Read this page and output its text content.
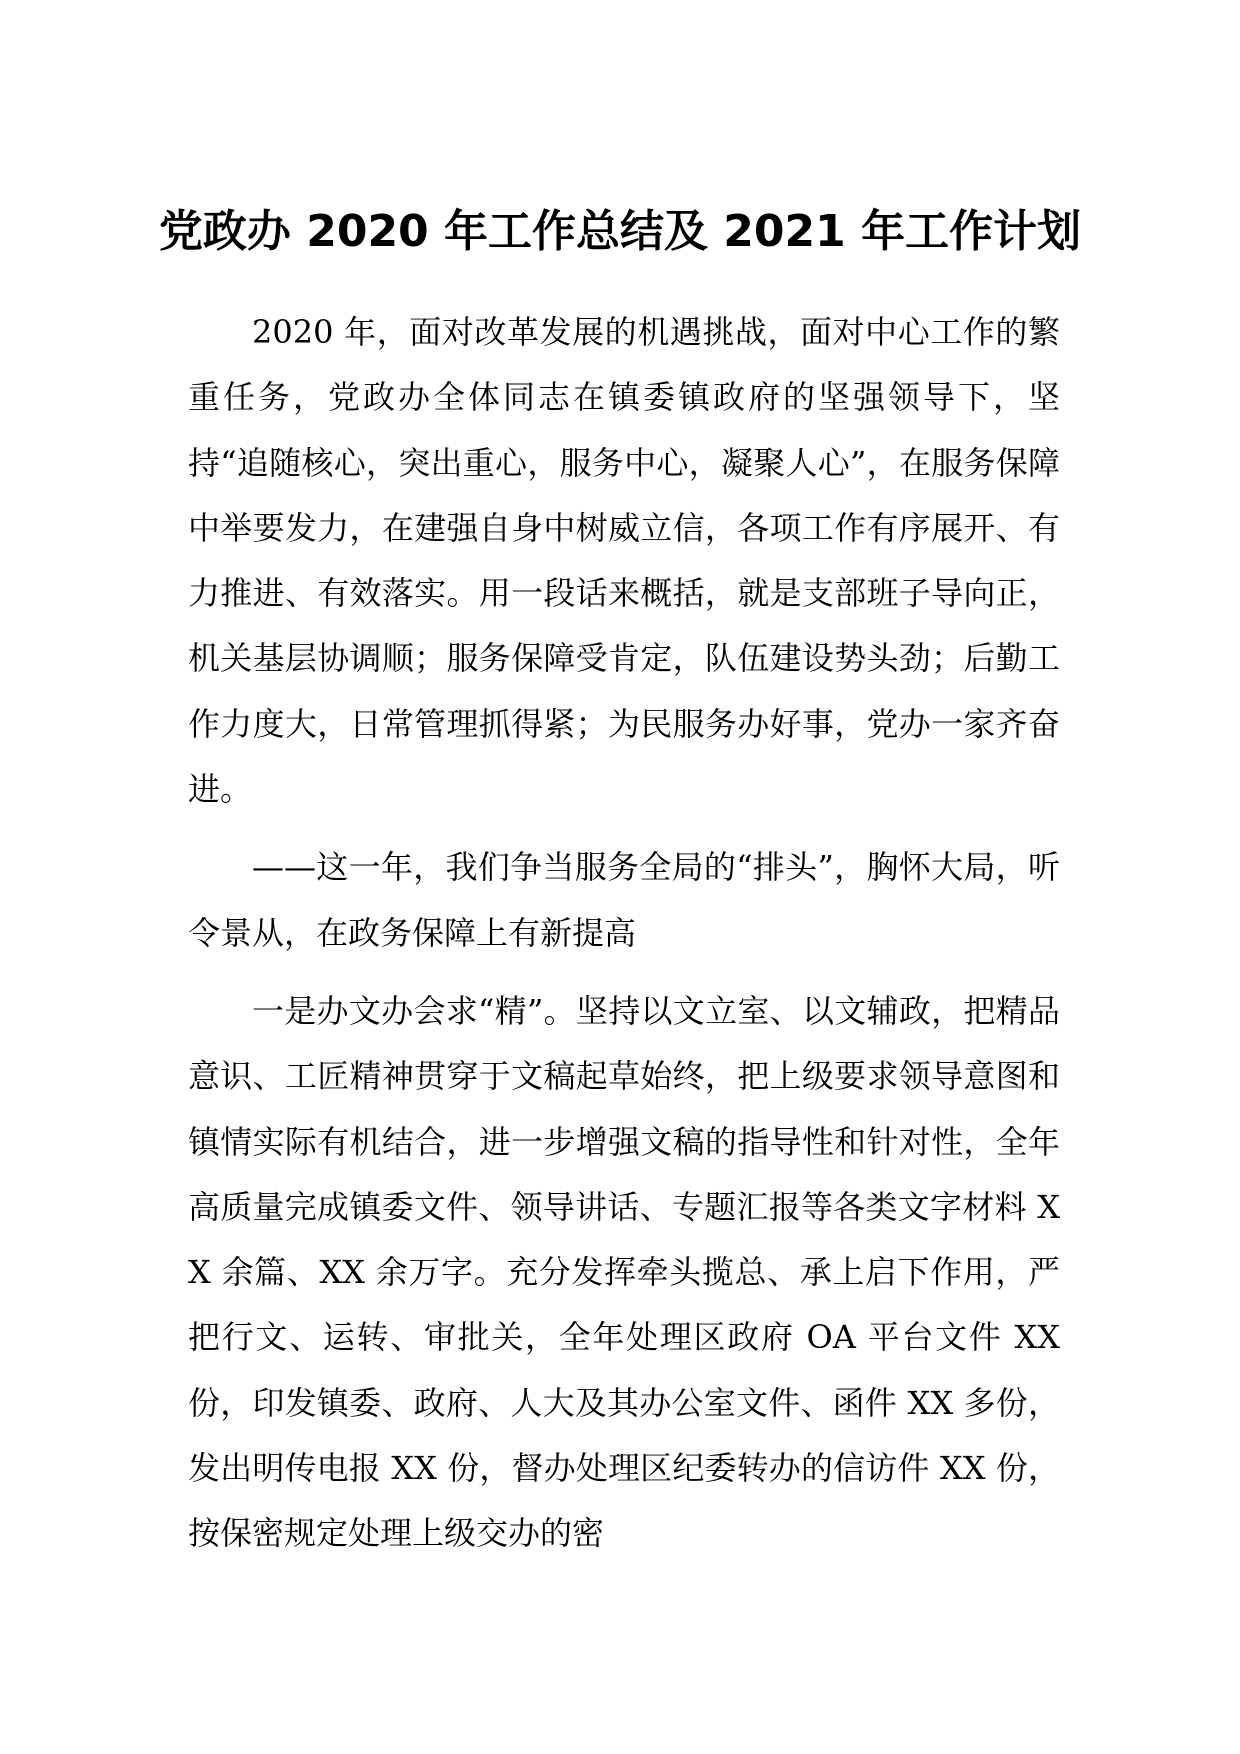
党政办 2020 年工作总结及 2021 年工作计划

2020 年，面对改革发展的机遇挑战，面对中心工作的繁重任务，党政办全体同志在镇委镇政府的坚强领导下，坚持“追随核心，突出重心，服务中心，凝聚人心”，在服务保障中举要发力，在建强自身中树威立信，各项工作有序展开、有力推进、有效落实。用一段话来概括，就是支部班子导向正，机关基层协调顺；服务保障受肯定，队伍建设势头劲；后勤工作力度大，日常管理抓得紧；为民服务办好事，党办一家齐奋进。

——这一年，我们争当服务全局的“排头”，胸怀大局，听令景从，在政务保障上有新提高

一是办文办会求“精”。坚持以文立室、以文辅政，把精品意识、工匠精神贯穿于文稿起草始终，把上级要求领导意图和镇情实际有机结合，进一步增强文稿的指导性和针对性，全年高质量完成镇委文件、领导讲话、专题汇报等各类文字材料 XX 余篇、XX 余万字。充分发挥牵头揽总、承上启下作用，严把行文、运转、审批关，全年处理区政府 OA 平台文件 XX 份，印发镇委、政府、人大及其办公室文件、函件 XX 多份，发出明传电报 XX 份，督办处理区纪委转办的信访件 XX 份，按保密规定处理上级交办的密
